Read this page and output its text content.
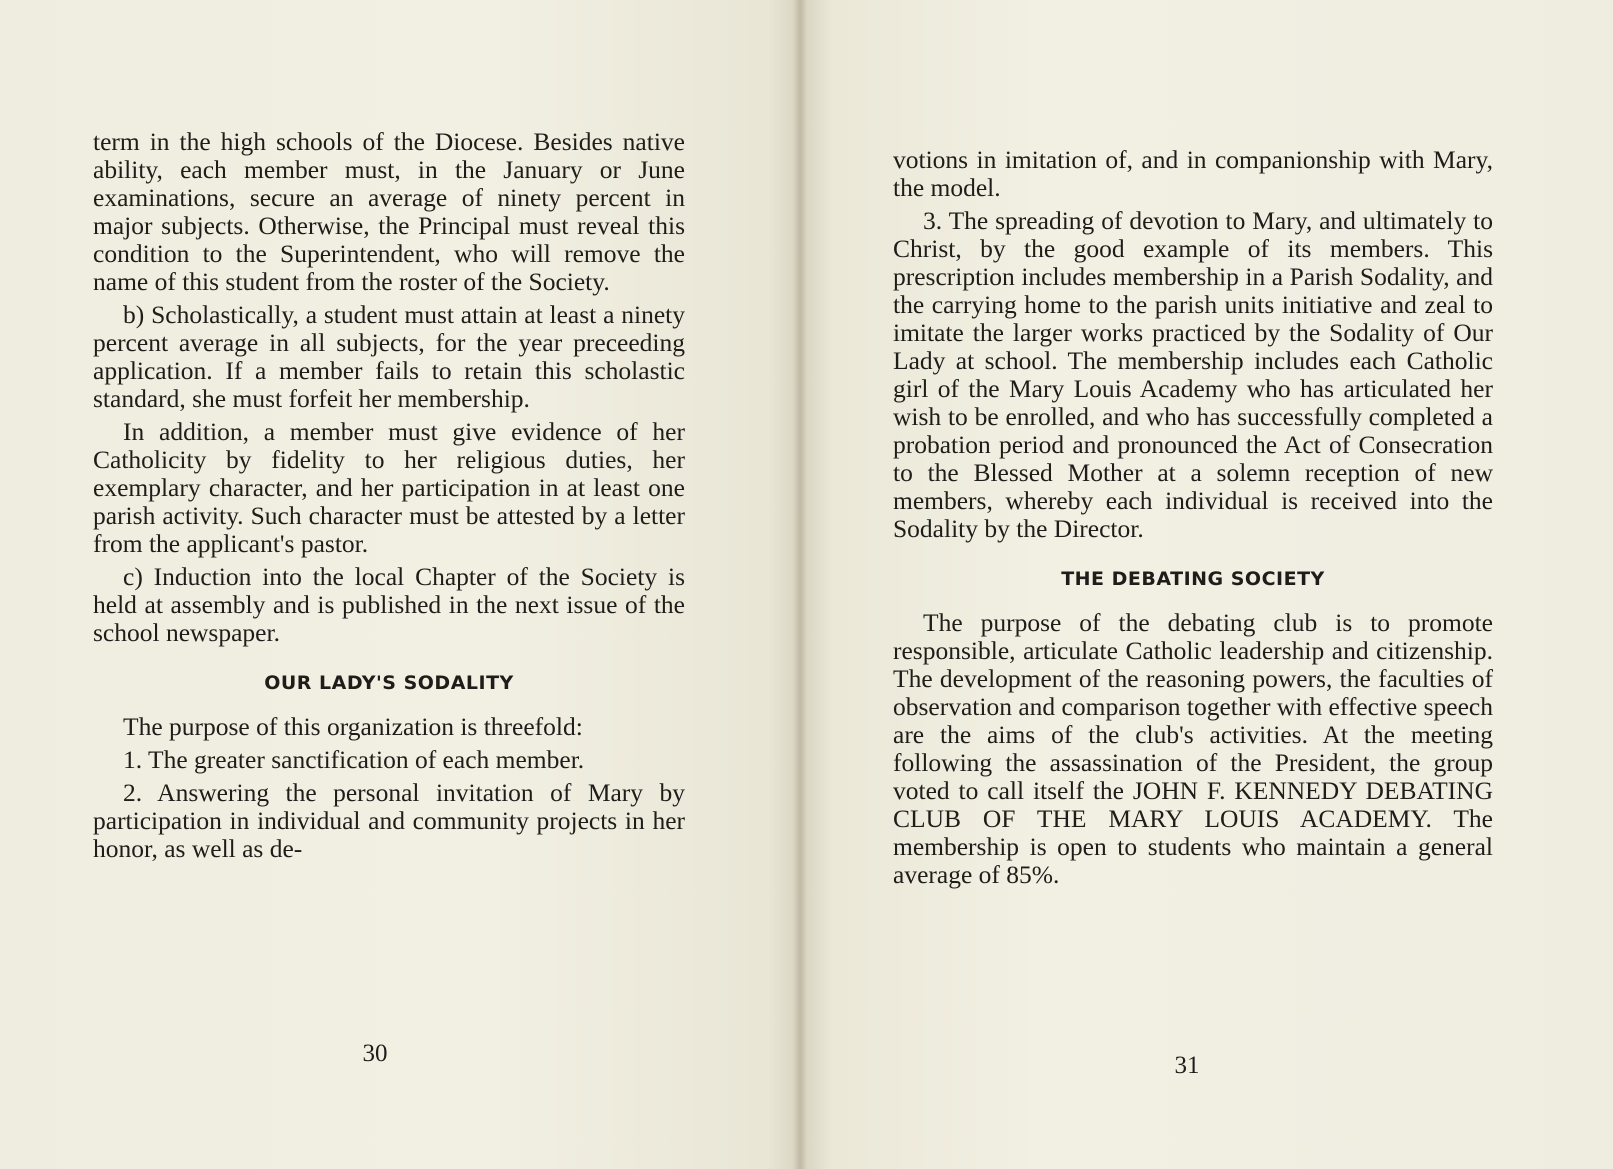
term in the high schools of the Diocese. Besides native ability, each member must, in the January or June examinations, secure an average of ninety percent in major subjects. Otherwise, the Principal must reveal this condition to the Superintendent, who will remove the name of this student from the roster of the Society.

b) Scholastically, a student must attain at least a ninety percent average in all subjects, for the year preceeding application. If a member fails to retain this scholastic standard, she must forfeit her membership.

In addition, a member must give evidence of her Catholicity by fidelity to her religious duties, her exemplary character, and her participation in at least one parish activity. Such character must be attested by a letter from the applicant's pastor.

c) Induction into the local Chapter of the Society is held at assembly and is published in the next issue of the school newspaper.

OUR LADY'S SODALITY

The purpose of this organization is threefold:

1. The greater sanctification of each member.

2. Answering the personal invitation of Mary by participation in individual and community projects in her honor, as well as de-

30

votions in imitation of, and in companionship with Mary, the model.

3. The spreading of devotion to Mary, and ultimately to Christ, by the good example of its members. This prescription includes membership in a Parish Sodality, and the carrying home to the parish units initiative and zeal to imitate the larger works practiced by the Sodality of Our Lady at school. The membership includes each Catholic girl of the Mary Louis Academy who has articulated her wish to be enrolled, and who has successfully completed a probation period and pronounced the Act of Consecration to the Blessed Mother at a solemn reception of new members, whereby each individual is received into the Sodality by the Director.

THE DEBATING SOCIETY

The purpose of the debating club is to promote responsible, articulate Catholic leadership and citizenship. The development of the reasoning powers, the faculties of observation and comparison together with effective speech are the aims of the club's activities. At the meeting following the assassination of the President, the group voted to call itself the JOHN F. KENNEDY DEBATING CLUB OF THE MARY LOUIS ACADEMY. The membership is open to students who maintain a general average of 85%.

31
